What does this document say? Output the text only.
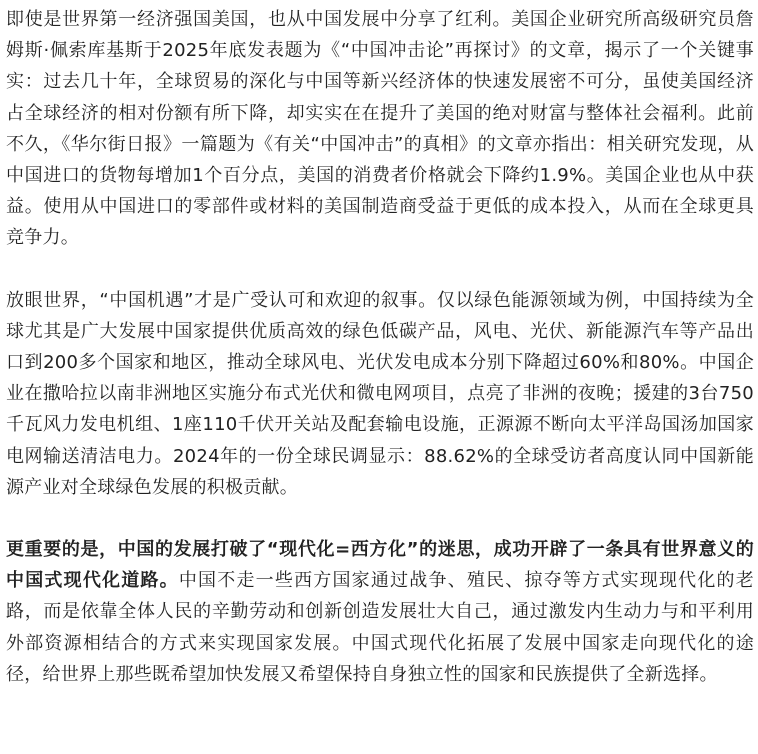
即使是世界第一经济强国美国，也从中国发展中分享了红利。美国企业研究所高级研究员詹姆斯·佩索库基斯于2025年底发表题为《“中国冲击论”再探讨》的文章，揭示了一个关键事实：过去几十年，全球贸易的深化与中国等新兴经济体的快速发展密不可分，虽使美国经济占全球经济的相对份额有所下降，却实实在在提升了美国的绝对财富与整体社会福利。此前不久，《华尔街日报》一篇题为《有关“中国冲击”的真相》的文章亦指出：相关研究发现，从中国进口的货物每增加1个百分点，美国的消费者价格就会下降约1.9%。美国企业也从中获益。使用从中国进口的零部件或材料的美国制造商受益于更低的成本投入，从而在全球更具竞争力。

放眼世界，“中国机遇”才是广受认可和欢迎的叙事。仅以绿色能源领域为例，中国持续为全球尤其是广大发展中国家提供优质高效的绿色低碳产品，风电、光伏、新能源汽车等产品出口到200多个国家和地区，推动全球风电、光伏发电成本分别下降超过60%和80%。中国企业在撒哈拉以南非洲地区实施分布式光伏和微电网项目，点亮了非洲的夜晚；援建的3台750千瓦风力发电机组、1座110千伏开关站及配套输电设施，正源源不断向太平洋岛国汤加国家电网输送清洁电力。2024年的一份全球民调显示：88.62%的全球受访者高度认同中国新能源产业对全球绿色发展的积极贡献。

更重要的是，中国的发展打破了“现代化=西方化”的迷思，成功开辟了一条具有世界意义的中国式现代化道路。中国不走一些西方国家通过战争、殖民、掠夺等方式实现现代化的老路，而是依靠全体人民的辛勤劳动和创新创造发展壮大自己，通过激发内生动力与和平利用外部资源相结合的方式来实现国家发展。中国式现代化拓展了发展中国家走向现代化的途径，给世界上那些既希望加快发展又希望保持自身独立性的国家和民族提供了全新选择。
